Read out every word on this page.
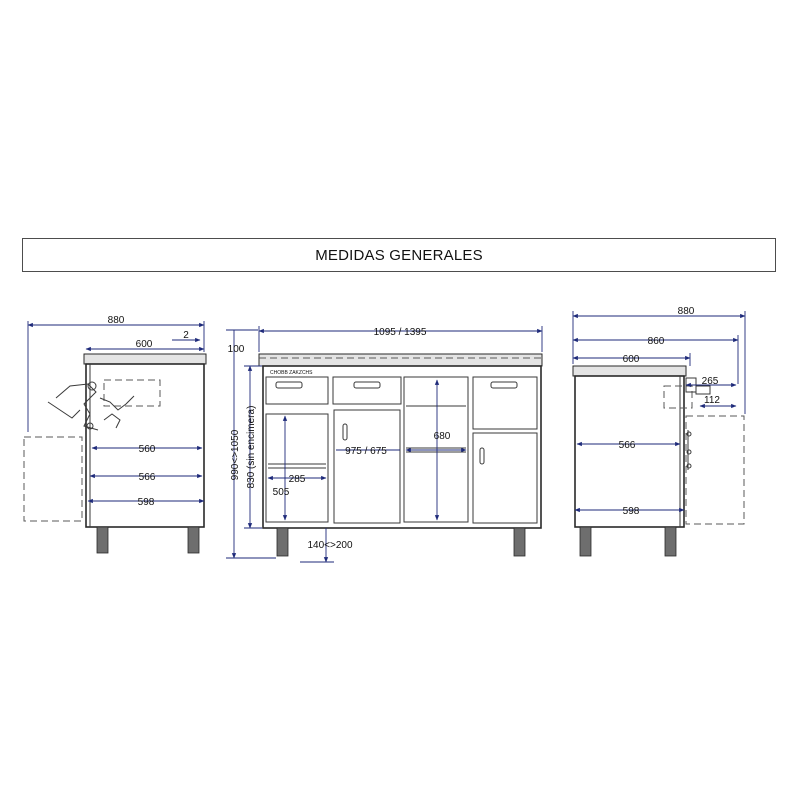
MEDIDAS GENERALES
880
600
2
560
566
598
CHOBB ZAKZCHS
1095 / 1395
100
990<>1050 830 (sin encimera)	975 / 675
680
285
505
140<>200
880
860
600
265
112
566
598
